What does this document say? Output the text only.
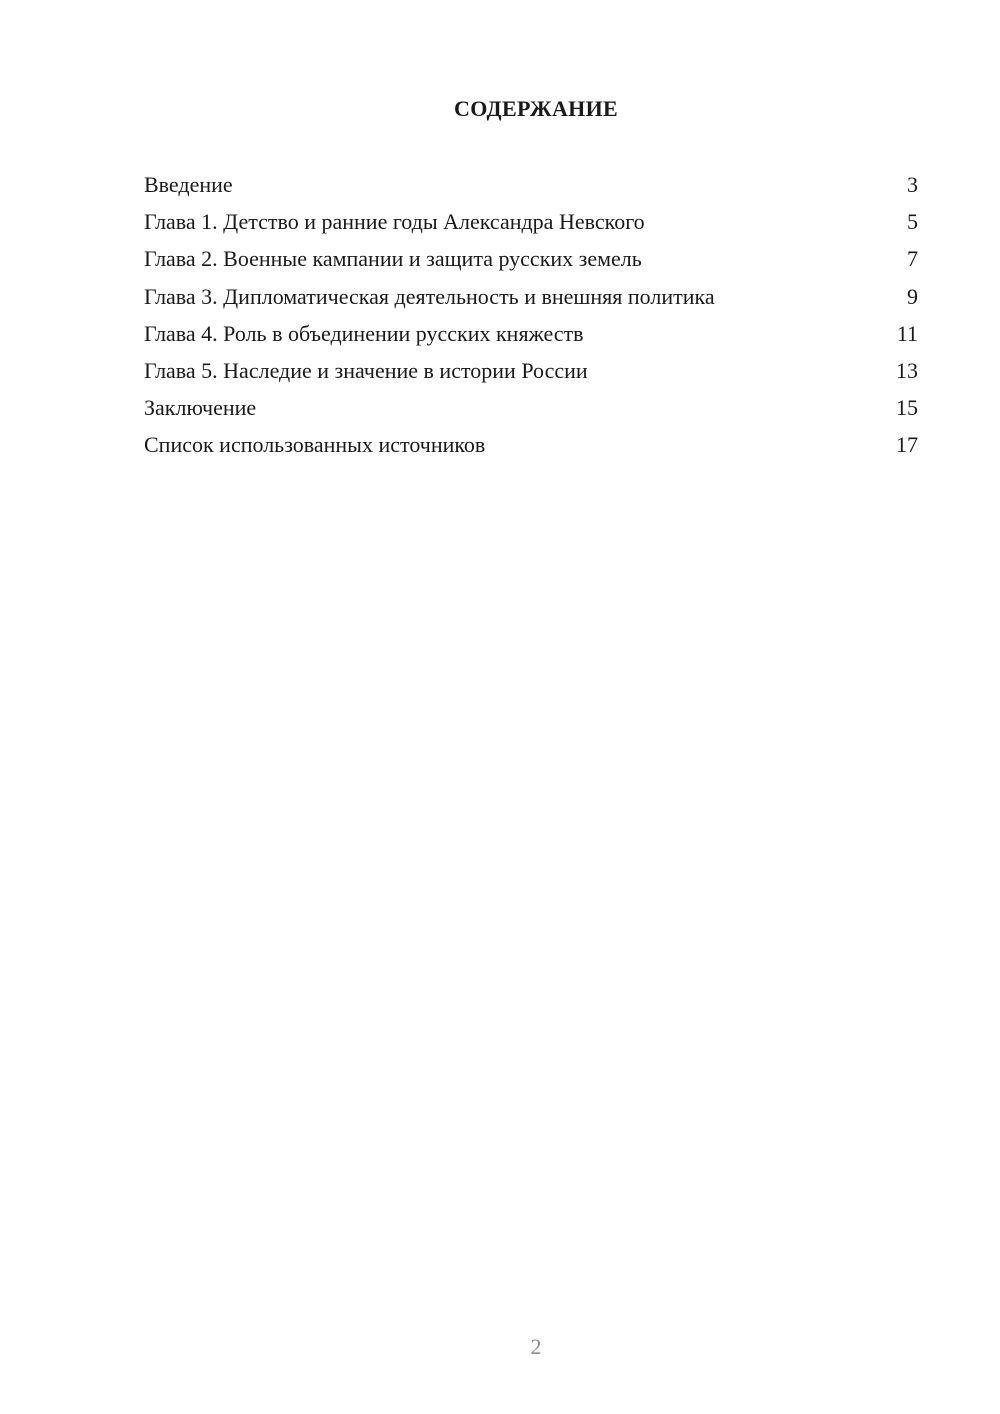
СОДЕРЖАНИЕ
Введение	3
Глава 1. Детство и ранние годы Александра Невского	5
Глава 2. Военные кампании и защита русских земель	7
Глава 3. Дипломатическая деятельность и внешняя политика	9
Глава 4. Роль в объединении русских княжеств	11
Глава 5. Наследие и значение в истории России	13
Заключение	15
Список использованных источников	17
2
